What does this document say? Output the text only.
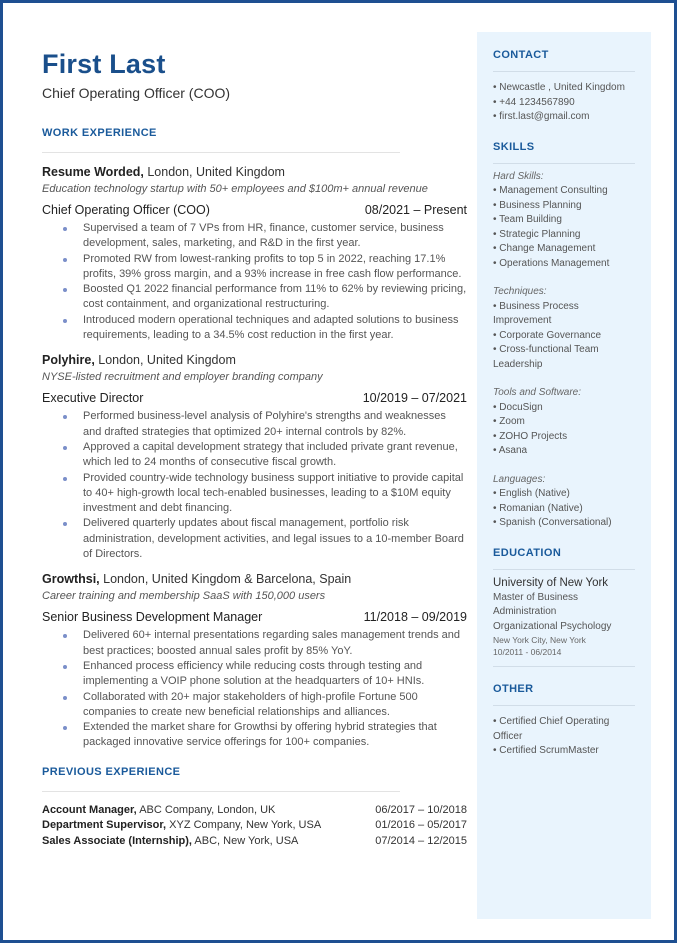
First Last
Chief Operating Officer (COO)
WORK EXPERIENCE
Resume Worded, London, United Kingdom
Education technology startup with 50+ employees and $100m+ annual revenue
Chief Operating Officer (COO)	08/2021 – Present
Supervised a team of 7 VPs from HR, finance, customer service, business development, sales, marketing, and R&D in the first year.
Promoted RW from lowest-ranking profits to top 5 in 2022, reaching 17.1% profits, 39% gross margin, and a 93% increase in free cash flow performance.
Boosted Q1 2022 financial performance from 11% to 62% by reviewing pricing, cost containment, and organizational restructuring.
Introduced modern operational techniques and adapted solutions to business requirements, leading to a 34.5% cost reduction in the first year.
Polyhire, London, United Kingdom
NYSE-listed recruitment and employer branding company
Executive Director	10/2019 – 07/2021
Performed business-level analysis of Polyhire's strengths and weaknesses and drafted strategies that optimized 20+ internal controls by 82%.
Approved a capital development strategy that included private grant revenue, which led to 24 months of consecutive fiscal growth.
Provided country-wide technology business support initiative to provide capital to 40+ high-growth local tech-enabled businesses, leading to a $10M equity investment and debt financing.
Delivered quarterly updates about fiscal management, portfolio risk administration, development activities, and legal issues to a 10-member Board of Directors.
Growthsi, London, United Kingdom & Barcelona, Spain
Career training and membership SaaS with 150,000 users
Senior Business Development Manager	11/2018 – 09/2019
Delivered 60+ internal presentations regarding sales management trends and best practices; boosted annual sales profit by 85% YoY.
Enhanced process efficiency while reducing costs through testing and implementing a VOIP phone solution at the headquarters of 10+ HNIs.
Collaborated with 20+ major stakeholders of high-profile Fortune 500 companies to create new beneficial relationships and alliances.
Extended the market share for Growthsi by offering hybrid strategies that packaged innovative service offerings for 100+ companies.
PREVIOUS EXPERIENCE
Account Manager, ABC Company, London, UK	06/2017 – 10/2018
Department Supervisor, XYZ Company, New York, USA	01/2016 – 05/2017
Sales Associate (Internship), ABC, New York, USA	07/2014 – 12/2015
CONTACT
• Newcastle , United Kingdom
• +44 1234567890
• first.last@gmail.com
SKILLS
Hard Skills:
• Management Consulting
• Business Planning
• Team Building
• Strategic Planning
• Change Management
• Operations Management
Techniques:
• Business Process
Improvement
• Corporate Governance
• Cross-functional Team
Leadership
Tools and Software:
• DocuSign
• Zoom
• ZOHO Projects
• Asana
Languages:
• English (Native)
• Romanian (Native)
• Spanish (Conversational)
EDUCATION
University of New York
Master of Business
Administration
Organizational Psychology
New York City, New York
10/2011 - 06/2014
OTHER
• Certified Chief Operating
Officer
• Certified ScrumMaster
